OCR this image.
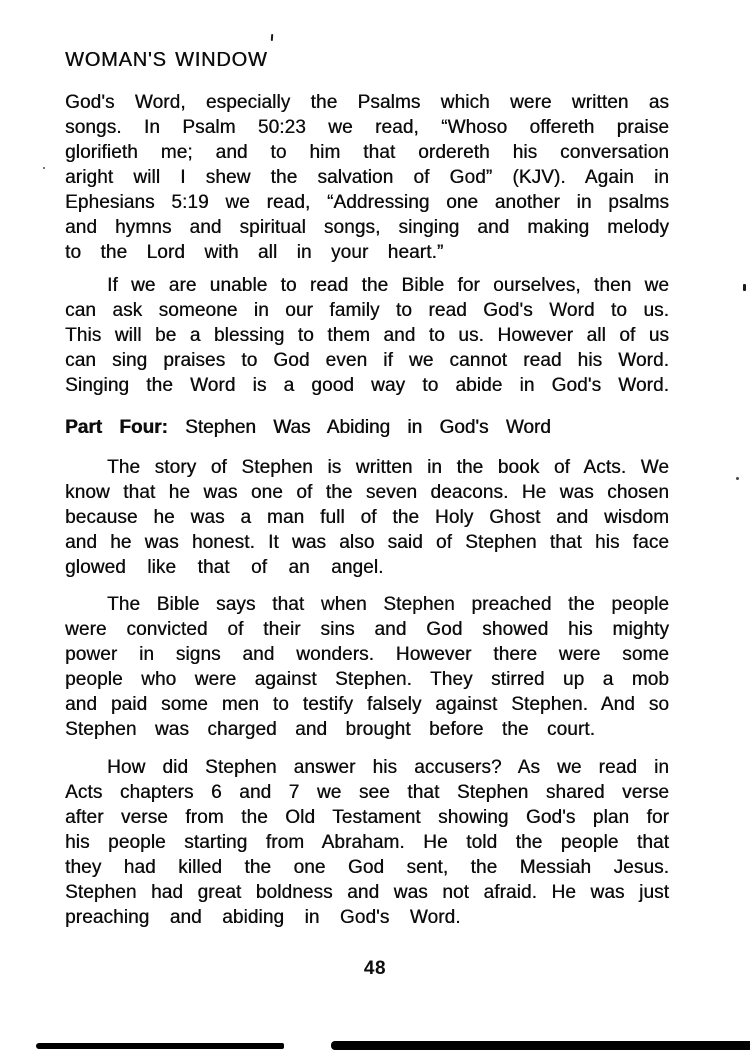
WOMAN'S WINDOW
God's Word, especially the Psalms which were written as
songs. In Psalm 50:23 we read, “Whoso offereth praise
glorifieth me; and to him that ordereth his conversation
aright will I shew the salvation of God” (KJV). Again in
Ephesians 5:19 we read, “Addressing one another in psalms
and hymns and spiritual songs, singing and making melody
to the Lord with all in your heart.”
If we are unable to read the Bible for ourselves, then we
can ask someone in our family to read God's Word to us.
This will be a blessing to them and to us. However all of us
can sing praises to God even if we cannot read his Word.
Singing the Word is a good way to abide in God's Word.
Part Four: Stephen Was Abiding in God's Word
The story of Stephen is written in the book of Acts. We
know that he was one of the seven deacons. He was chosen
because he was a man full of the Holy Ghost and wisdom
and he was honest. It was also said of Stephen that his face
glowed like that of an angel.
The Bible says that when Stephen preached the people
were convicted of their sins and God showed his mighty
power in signs and wonders. However there were some
people who were against Stephen. They stirred up a mob
and paid some men to testify falsely against Stephen. And so
Stephen was charged and brought before the court.
How did Stephen answer his accusers? As we read in
Acts chapters 6 and 7 we see that Stephen shared verse
after verse from the Old Testament showing God's plan for
his people starting from Abraham. He told the people that
they had killed the one God sent, the Messiah Jesus.
Stephen had great boldness and was not afraid. He was just
preaching and abiding in God's Word.
48
